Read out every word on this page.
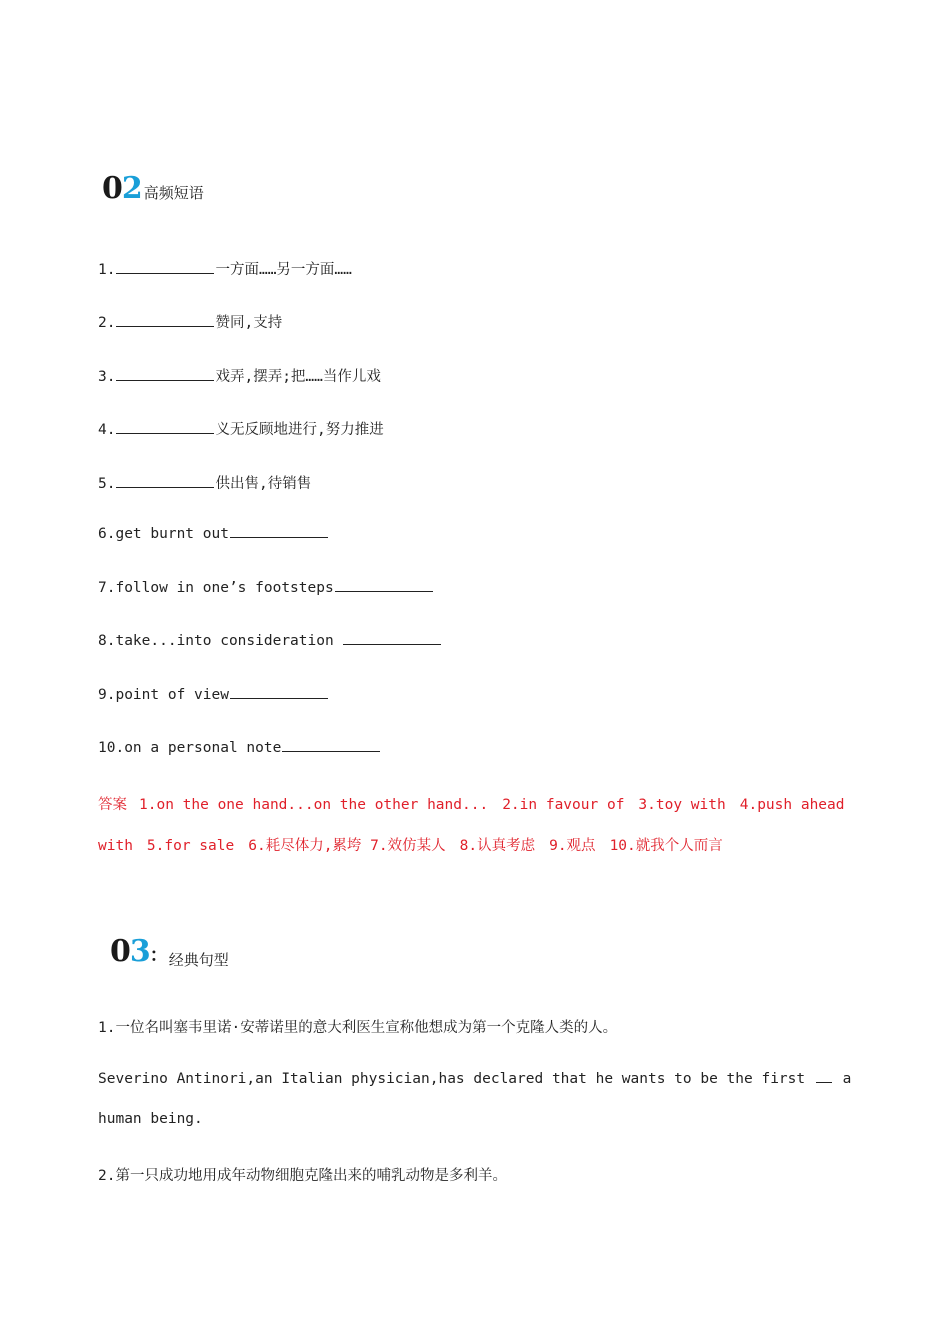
02 高频短语
1.	一方面……另一方面……
2.	赞同,支持
3.	戏弄,摆弄;把……当作儿戏
4.	义无反顾地进行,努力推进
5.	供出售,待销售
6.get burnt out
7.follow in one’s footsteps
8.take...into consideration
9.point of view
10.on a personal note
答案 1.on the one hand...on the other hand... 2.in favour of 3.toy with 4.push ahead
with 5.for sale 6.耗尽体力,累垮 7.效仿某人 8.认真考虑 9.观点 10.就我个人而言
03： 经典句型
1.一位名叫塞韦里诺·安蒂诺里的意大利医生宣称他想成为第一个克隆人类的人。
Severino Antinori,an Italian physician,has declared that he wants to be the first	a
human being.
2.第一只成功地用成年动物细胞克隆出来的哺乳动物是多利羊。
